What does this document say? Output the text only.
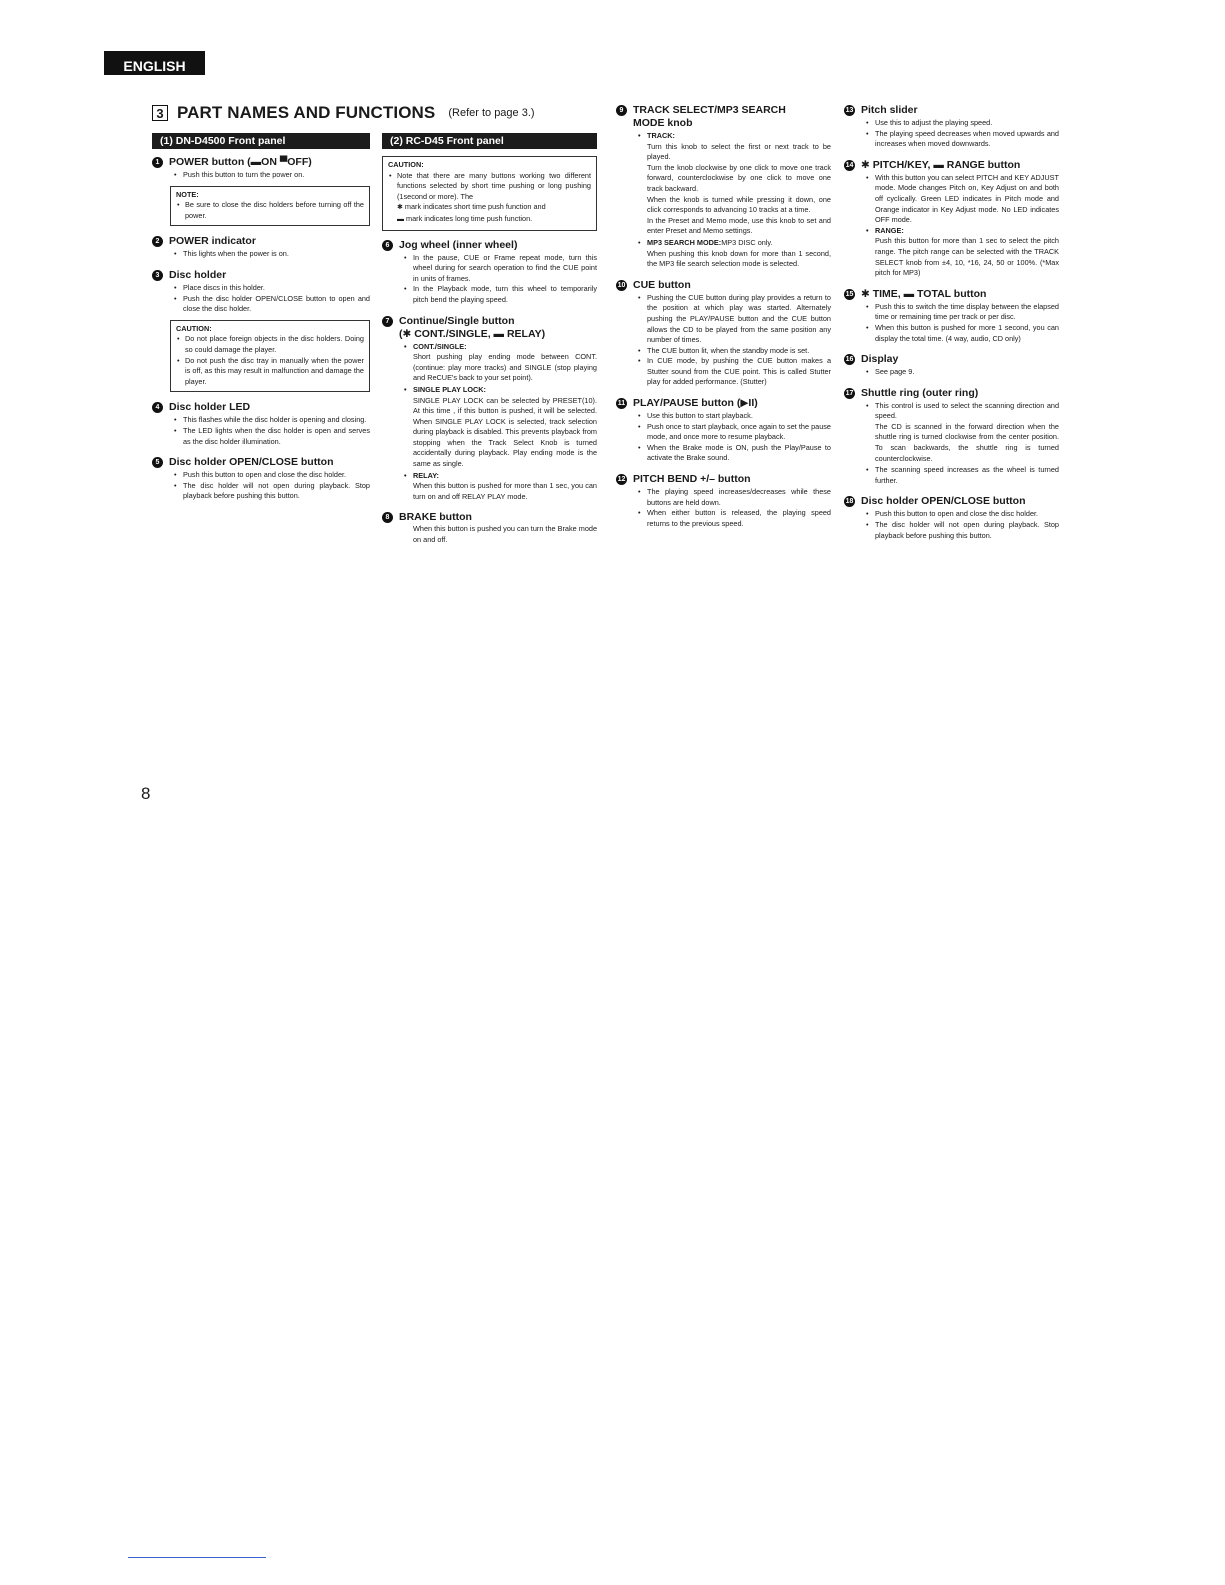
ENGLISH
3 PART NAMES AND FUNCTIONS (Refer to page 3.)
(1) DN-D4500 Front panel
1 POWER button (▬ON ▀OFF)
• Push this button to turn the power on.
NOTE:
• Be sure to close the disc holders before turning off the power.
2 POWER indicator
• This lights when the power is on.
3 Disc holder
• Place discs in this holder.
• Push the disc holder OPEN/CLOSE button to open and close the disc holder.
CAUTION:
• Do not place foreign objects in the disc holders. Doing so could damage the player.
• Do not push the disc tray in manually when the power is off, as this may result in malfunction and damage the player.
4 Disc holder LED
• This flashes while the disc holder is opening and closing.
• The LED lights when the disc holder is open and serves as the disc holder illumination.
5 Disc holder OPEN/CLOSE button
• Push this button to open and close the disc holder.
• The disc holder will not open during playback. Stop playback before pushing this button.
(2) RC-D45 Front panel
CAUTION:
• Note that there are many buttons working two different functions selected by short time pushing or long pushing (1second or more). The
✱ mark indicates short time push function and
▬ mark indicates long time push function.
6 Jog wheel (inner wheel)
• In the pause, CUE or Frame repeat mode, turn this wheel during for search operation to find the CUE point in units of frames.
• In the Playback mode, turn this wheel to temporarily pitch bend the playing speed.
7 Continue/Single button
(✱ CONT./SINGLE, ▬ RELAY)
• CONT./SINGLE:
Short pushing play ending mode between CONT. (continue: play more tracks) and SINGLE (stop playing and ReCUE's back to your set point).
• SINGLE PLAY LOCK:
SINGLE PLAY LOCK can be selected by PRESET(10). At this time , if this button is pushed, it will be selected. When SINGLE PLAY LOCK is selected, track selection during playback is disabled. This prevents playback from stopping when the Track Select Knob is turned accidentally during playback. Play ending mode is the same as single.
• RELAY:
When this button is pushed for more than 1 sec, you can turn on and off RELAY PLAY mode.
8 BRAKE button
When this button is pushed you can turn the Brake mode on and off.
9 TRACK SELECT/MP3 SEARCH
MODE knob
• TRACK:
Turn this knob to select the first or next track to be played.
Turn the knob clockwise by one click to move one track forward, counterclockwise by one click to move one track backward.
When the knob is turned while pressing it down, one click corresponds to advancing 10 tracks at a time.
In the Preset and Memo mode, use this knob to set and enter Preset and Memo settings.
• MP3 SEARCH MODE:MP3 DISC only.
When pushing this knob down for more than 1 second, the MP3 file search selection mode is selected.
10 CUE button
• Pushing the CUE button during play provides a return to the position at which play was started. Alternately pushing the PLAY/PAUSE button and the CUE button allows the CD to be played from the same position any number of times.
• The CUE button lit, when the standby mode is set.
• In CUE mode, by pushing the CUE button makes a Stutter sound from the CUE point. This is called Stutter play for added performance. (Stutter)
11 PLAY/PAUSE button (▶II)
• Use this button to start playback.
• Push once to start playback, once again to set the pause mode, and once more to resume playback.
• When the Brake mode is ON, push the Play/Pause to activate the Brake sound.
12 PITCH BEND +/– button
• The playing speed increases/decreases while these buttons are held down.
• When either button is released, the playing speed returns to the previous speed.
13 Pitch slider
• Use this to adjust the playing speed.
• The playing speed decreases when moved upwards and increases when moved downwards.
14 ✱ PITCH/KEY, ▬ RANGE button
• With this button you can select PITCH and KEY ADJUST mode. Mode changes Pitch on, Key Adjust on and both off cyclically. Green LED indicates in Pitch mode and Orange indicator in Key Adjust mode. No LED indicates OFF mode.
• RANGE:
Push this button for more than 1 sec to select the pitch range. The pitch range can be selected with the TRACK SELECT knob from ±4, 10, *16, 24, 50 or 100%. (*Max pitch for MP3)
15 ✱ TIME, ▬ TOTAL button
• Push this to switch the time display between the elapsed time or remaining time per track or per disc.
• When this button is pushed for more 1 second, you can display the total time. (4 way, audio, CD only)
16 Display
• See page 9.
17 Shuttle ring (outer ring)
• This control is used to select the scanning direction and speed.
The CD is scanned in the forward direction when the shuttle ring is turned clockwise from the center position. To scan backwards, the shuttle ring is turned counterclockwise.
• The scanning speed increases as the wheel is turned further.
18 Disc holder OPEN/CLOSE button
• Push this button to open and close the disc holder.
• The disc holder will not open during playback. Stop playback before pushing this button.
8
